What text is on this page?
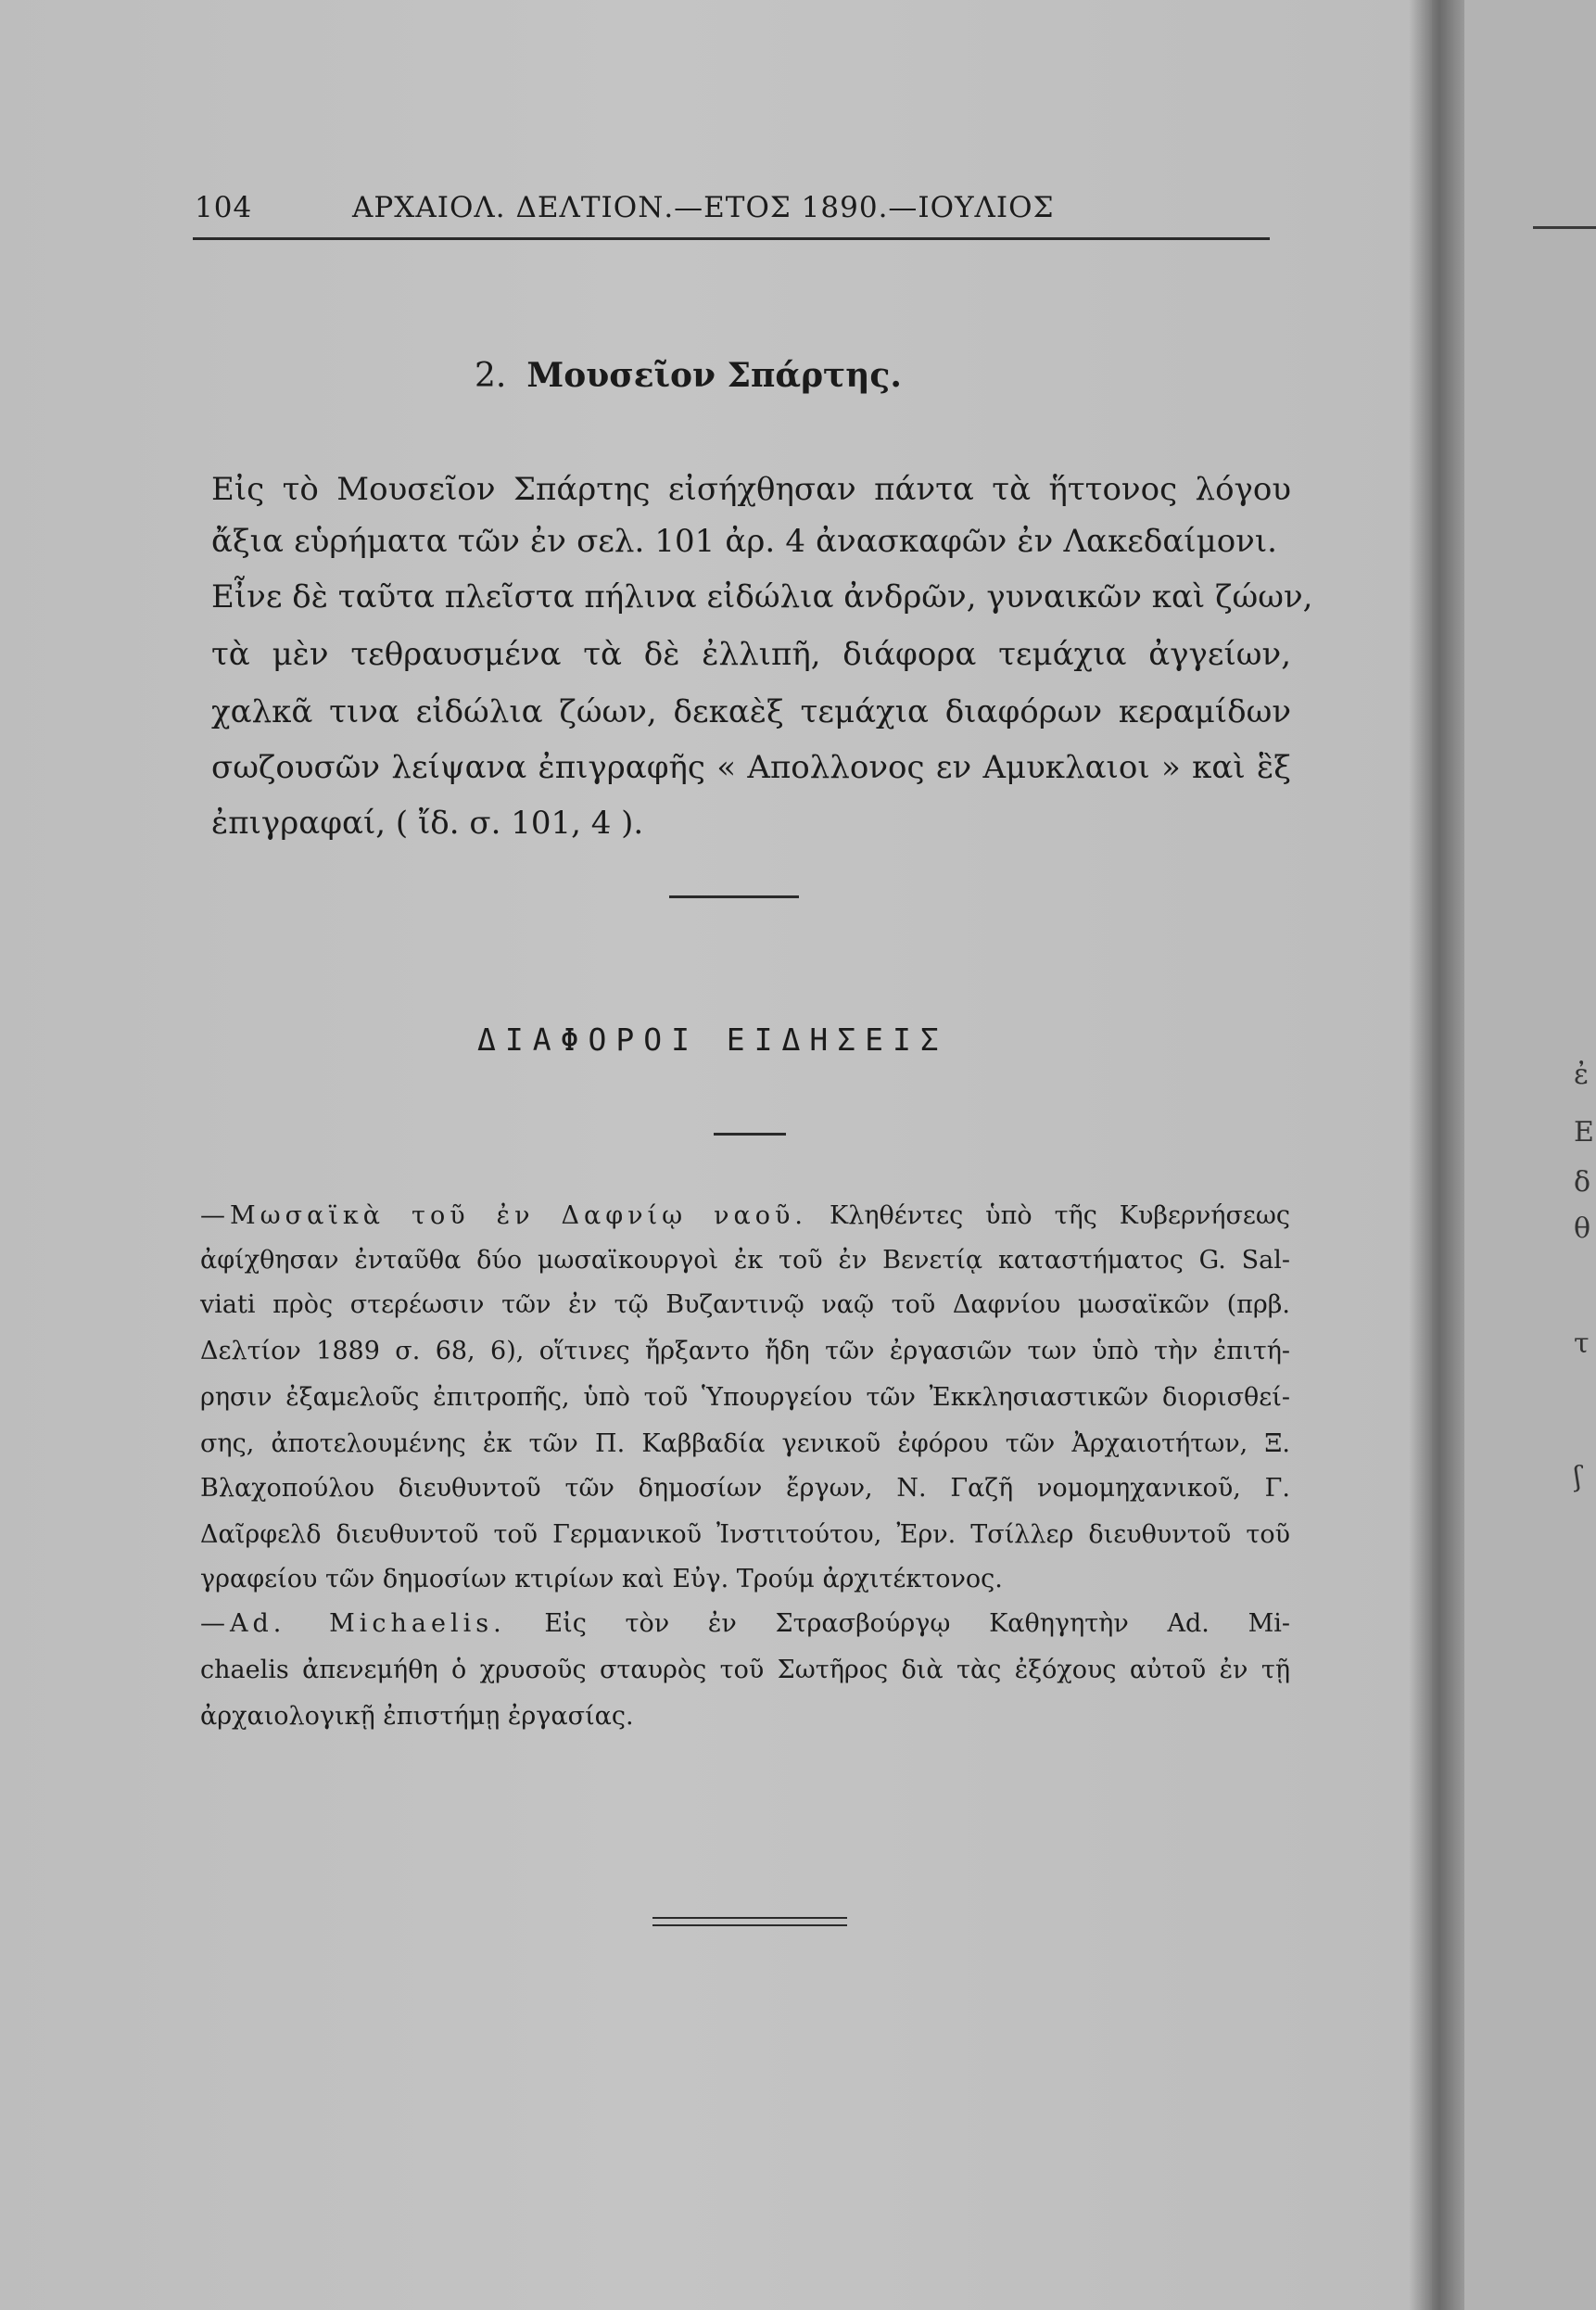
ἐ
Ε
δ
θ
τ
ʃ
104	ΑΡΧΑΙΟΛ. ΔΕΛΤΙΟΝ.—ΕΤΟΣ 1890.—ΙΟΥΛΙΟΣ
2. Μουσεῖον Σπάρτης.
Εἰς τὸ Μουσεῖον Σπάρτης εἰσήχθησαν πάντα τὰ ἥττονος λόγου
ἄξια εὑρήματα τῶν ἐν σελ. 101 ἀρ. 4 ἀνασκαφῶν ἐν Λακεδαίμονι.
Εἶνε δὲ ταῦτα πλεῖστα πήλινα εἰδώλια ἀνδρῶν, γυναικῶν καὶ ζώων,
τὰ μὲν τεθραυσμένα τὰ δὲ ἐλλιπῆ, διάφορα τεμάχια ἀγγείων,
χαλκᾶ τινα εἰδώλια ζώων, δεκαὲξ τεμάχια διαφόρων κεραμίδων
σωζουσῶν λείψανα ἐπιγραφῆς « Απολλονος εν Αμυκλαιοι » καὶ ἓξ
ἐπιγραφαί, ( ἴδ. σ. 101, 4 ).
ΔΙΑΦΟΡΟΙ ΕΙΔΗΣΕΙΣ
—Μωσαϊκὰ τοῦ ἐν Δαφνίῳ ναοῦ. Κληθέντες ὑπὸ τῆς Κυβερνήσεως
ἀφίχθησαν ἐνταῦθα δύο μωσαϊκουργοὶ ἐκ τοῦ ἐν Βενετίᾳ καταστήματος G. Sal-
viati πρὸς στερέωσιν τῶν ἐν τῷ Βυζαντινῷ ναῷ τοῦ Δαφνίου μωσαϊκῶν (πρβ.
Δελτίον 1889 σ. 68, 6), οἵτινες ἤρξαντο ἤδη τῶν ἐργασιῶν των ὑπὸ τὴν ἐπιτή-
ρησιν ἐξαμελοῦς ἐπιτροπῆς, ὑπὸ τοῦ Ὑπουργείου τῶν Ἐκκλησιαστικῶν διορισθεί-
σης, ἀποτελουμένης ἐκ τῶν Π. Καββαδία γενικοῦ ἐφόρου τῶν Ἀρχαιοτήτων, Ξ.
Βλαχοπούλου διευθυντοῦ τῶν δημοσίων ἔργων, Ν. Γαζῆ νομομηχανικοῦ, Γ.
Δαῖρφελδ διευθυντοῦ τοῦ Γερμανικοῦ Ἰνστιτούτου, Ἐρν. Τσίλλερ διευθυντοῦ τοῦ
γραφείου τῶν δημοσίων κτιρίων καὶ Εὐγ. Τρούμ ἀρχιτέκτονος.
—Ad. Michaelis. Εἰς τὸν ἐν Στρασβούργῳ Καθηγητὴν Ad. Mi-
chaelis ἀπενεμήθη ὁ χρυσοῦς σταυρὸς τοῦ Σωτῆρος διὰ τὰς ἐξόχους αὐτοῦ ἐν τῇ
ἀρχαιολογικῇ ἐπιστήμῃ ἐργασίας.
